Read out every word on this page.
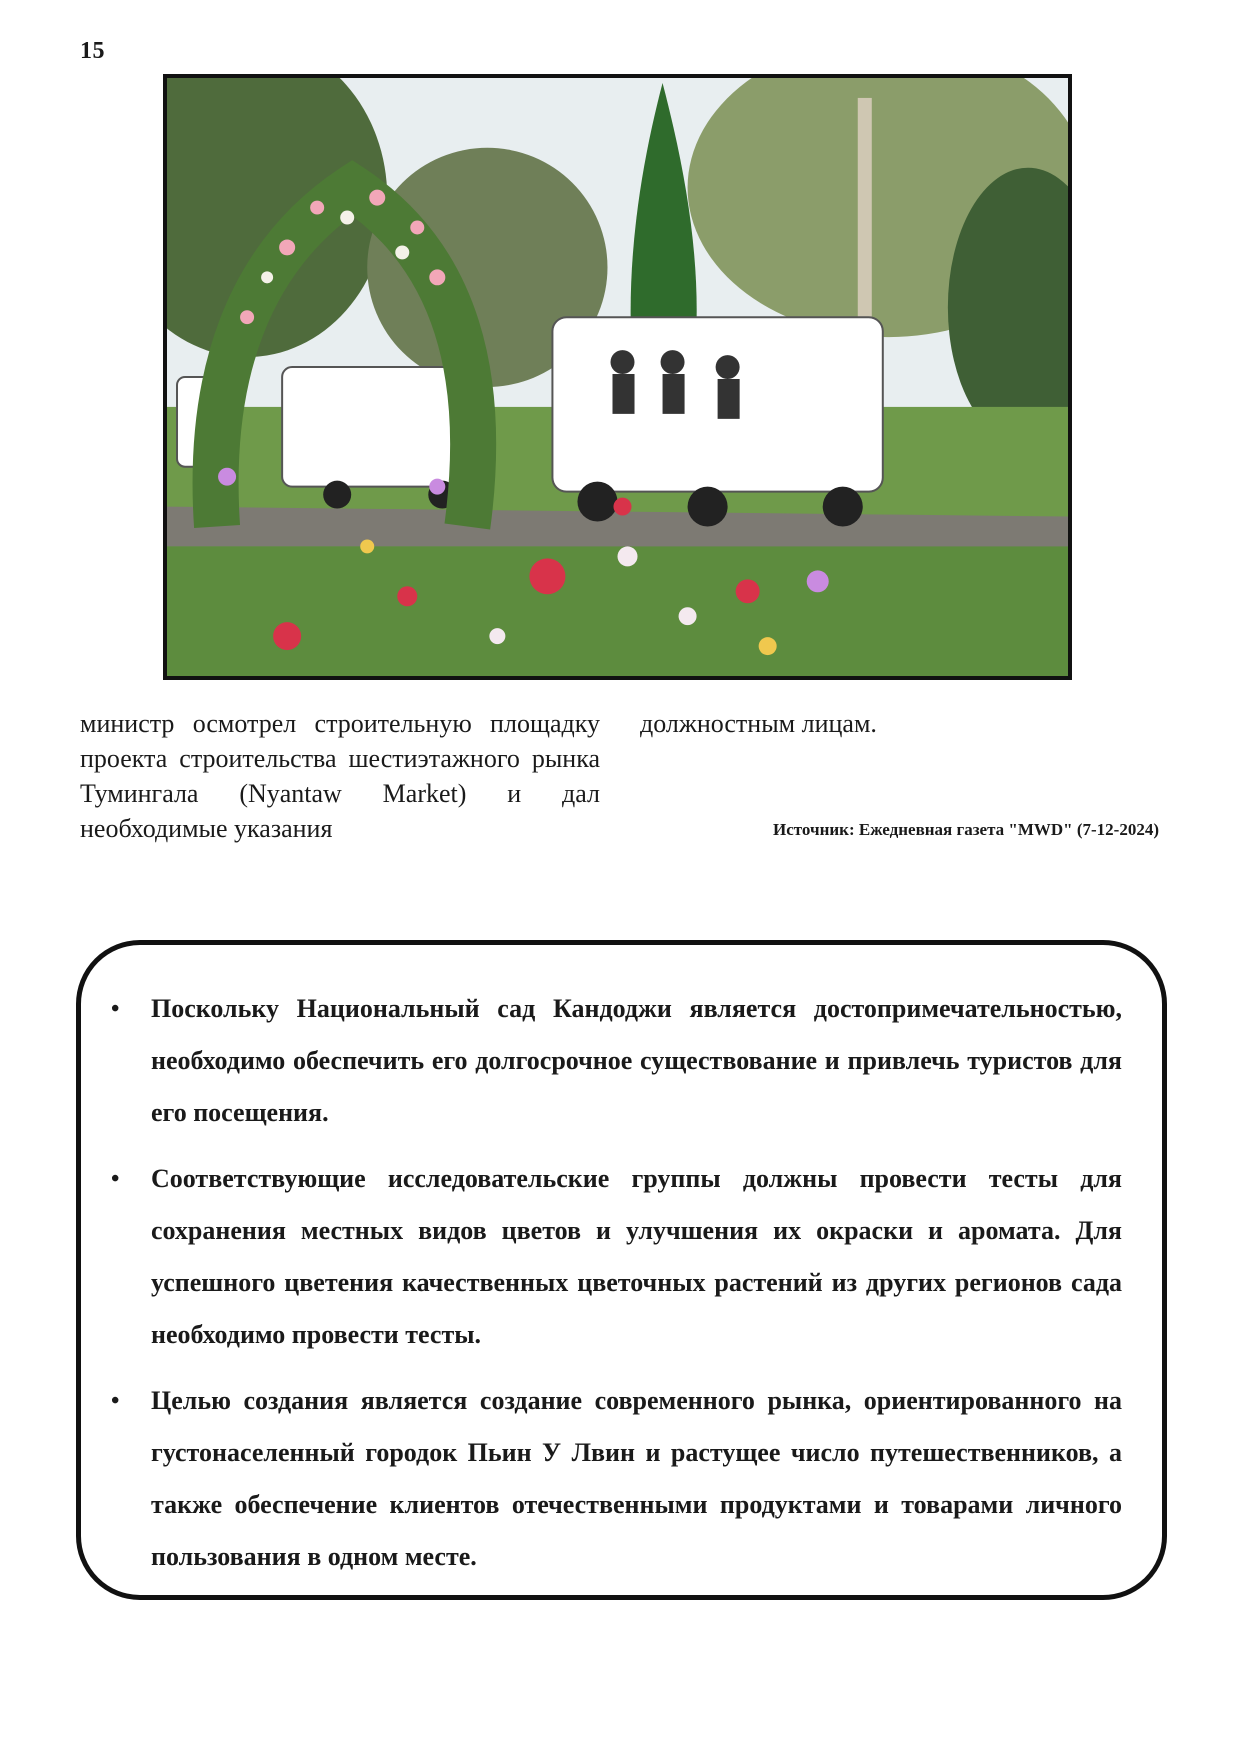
15
министр осмотрел строительную площадку проекта строительства шестиэтажного рынка Тумингала (Nyantaw Market) и дал необходимые указания
должностным лицам.
Источник: Ежедневная газета "MWD" (7-12-2024)
• Поскольку Национальный сад Кандоджи является достопримечательностью, необходимо обеспечить его долгосрочное существование и привлечь туристов для его посещения.
• Соответствующие исследовательские группы должны провести тесты для сохранения местных видов цветов и улучшения их окраски и аромата. Для успешного цветения качественных цветочных растений из других регионов сада необходимо провести тесты.
• Целью создания является создание современного рынка, ориентированного на густонаселенный городок Пьин У Лвин и растущее число путешественников, а также обеспечение клиентов отечественными продуктами и товарами личного пользования в одном месте.
